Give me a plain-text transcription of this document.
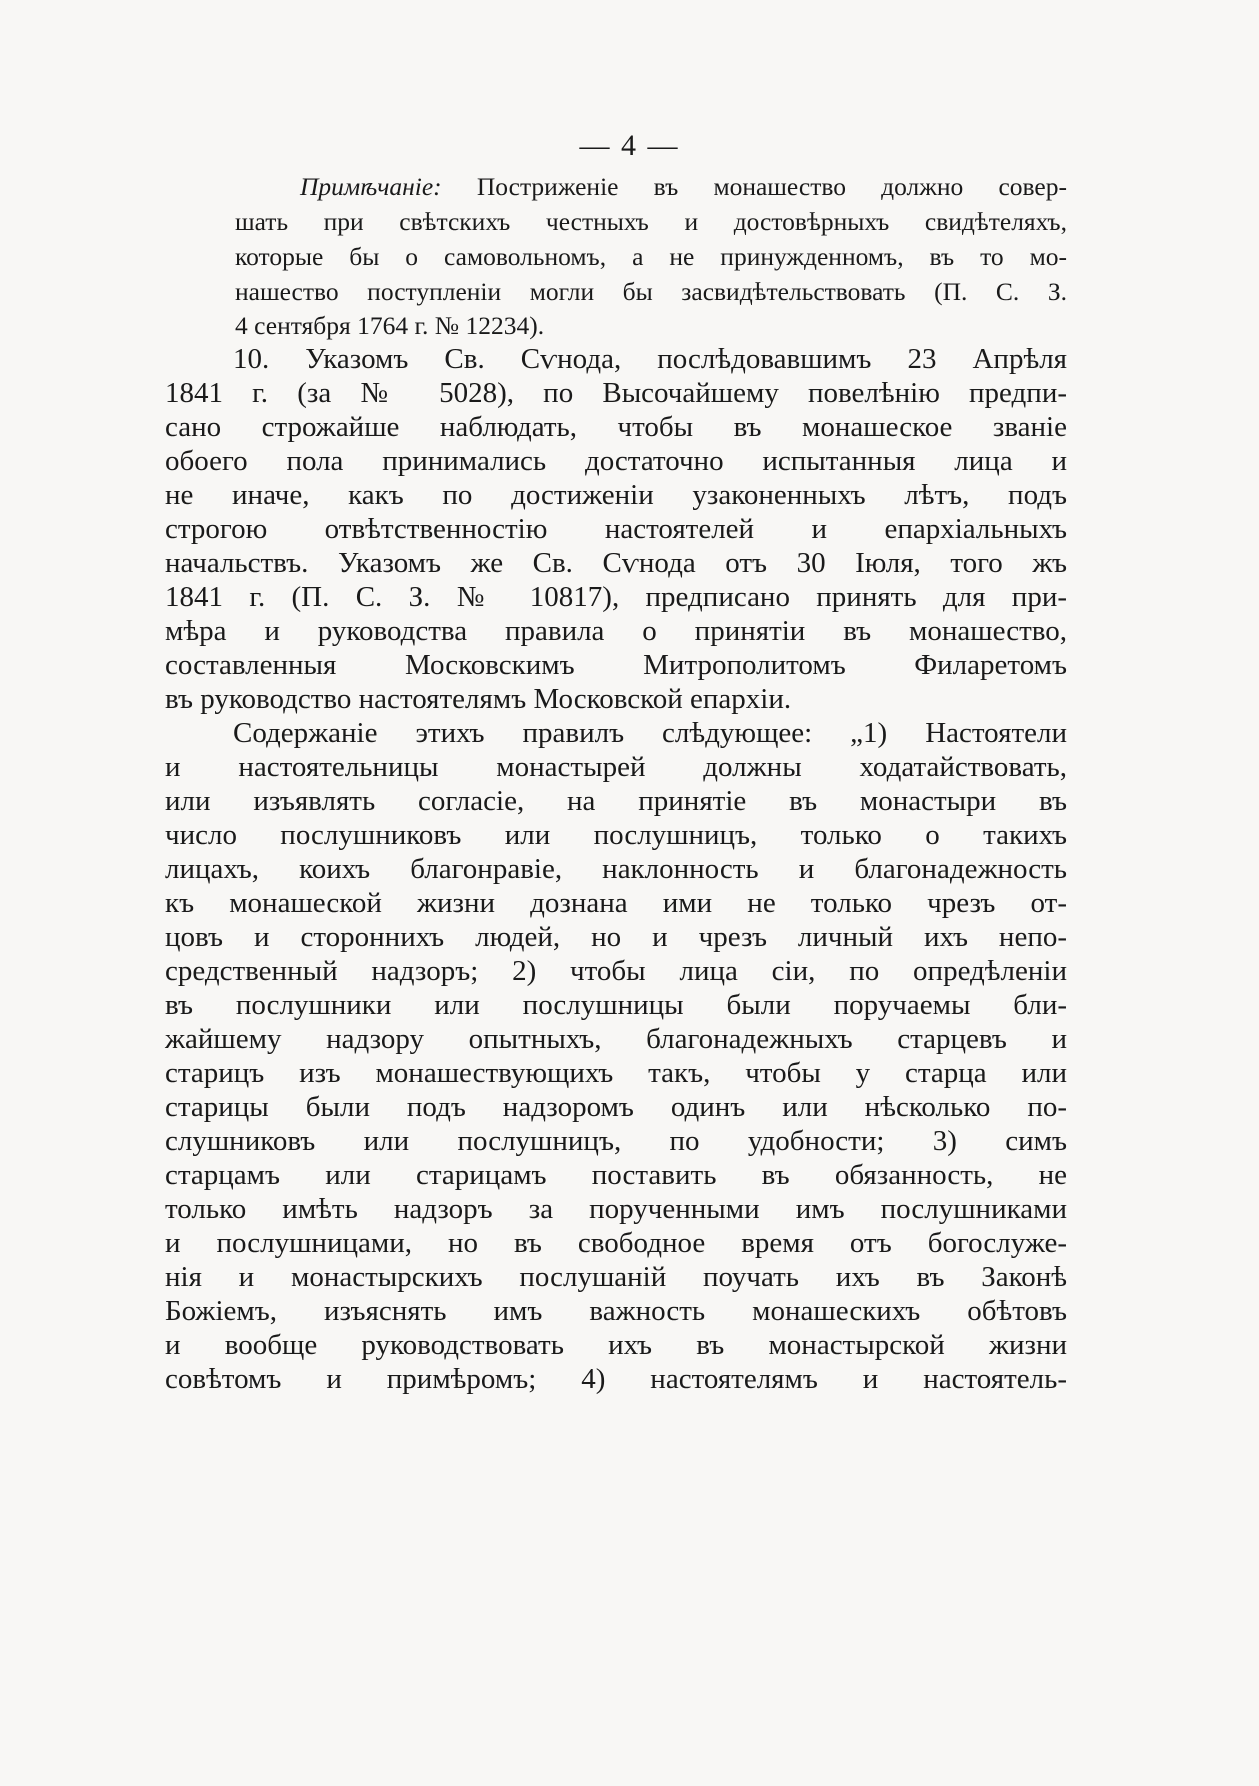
— 4 —

Примѣчаніе: Постриженіе въ монашество должно совер-

шать при свѣтскихъ честныхъ и достовѣрныхъ свидѣтеляхъ,

которые бы о самовольномъ, а не принужденномъ, въ то мо-

нашество поступленіи могли бы засвидѣтельствовать (П. С. З.

4 сентября 1764 г. № 12234).

10. Указомъ Св. Сѵнода, послѣдовавшимъ 23 Апрѣля

1841 г. (за № 5028), по Высочайшему повелѣнію предпи-

сано строжайше наблюдать, чтобы въ монашеское званіе

обоего пола принимались достаточно испытанныя лица и

не иначе, какъ по достиженіи узаконенныхъ лѣтъ, подъ

строгою отвѣтственностію настоятелей и епархіальныхъ

начальствъ. Указомъ же Св. Сѵнода отъ 30 Іюля, того жъ

1841 г. (П. С. З. № 10817), предписано принять для при-

мѣра и руководства правила о принятіи въ монашество,

составленныя Московскимъ Митрополитомъ Филаретомъ

въ руководство настоятелямъ Московской епархіи.

Содержаніе этихъ правилъ слѣдующее: „1) Настоятели

и настоятельницы монастырей должны ходатайствовать,

или изъявлять согласіе, на принятіе въ монастыри въ

число послушниковъ или послушницъ, только о такихъ

лицахъ, коихъ благонравіе, наклонность и благонадежность

къ монашеской жизни дознана ими не только чрезъ от-

цовъ и стороннихъ людей, но и чрезъ личный ихъ непо-

средственный надзоръ; 2) чтобы лица сіи, по опредѣленіи

въ послушники или послушницы были поручаемы бли-

жайшему надзору опытныхъ, благонадежныхъ старцевъ и

старицъ изъ монашествующихъ такъ, чтобы у старца или

старицы были подъ надзоромъ одинъ или нѣсколько по-

слушниковъ или послушницъ, по удобности; 3) симъ

старцамъ или старицамъ поставить въ обязанность, не

только имѣть надзоръ за порученными имъ послушниками

и послушницами, но въ свободное время отъ богослуже-

нія и монастырскихъ послушаній поучать ихъ въ Законѣ

Божіемъ, изъяснять имъ важность монашескихъ обѣтовъ

и вообще руководствовать ихъ въ монастырской жизни

совѣтомъ и примѣромъ; 4) настоятелямъ и настоятель-
